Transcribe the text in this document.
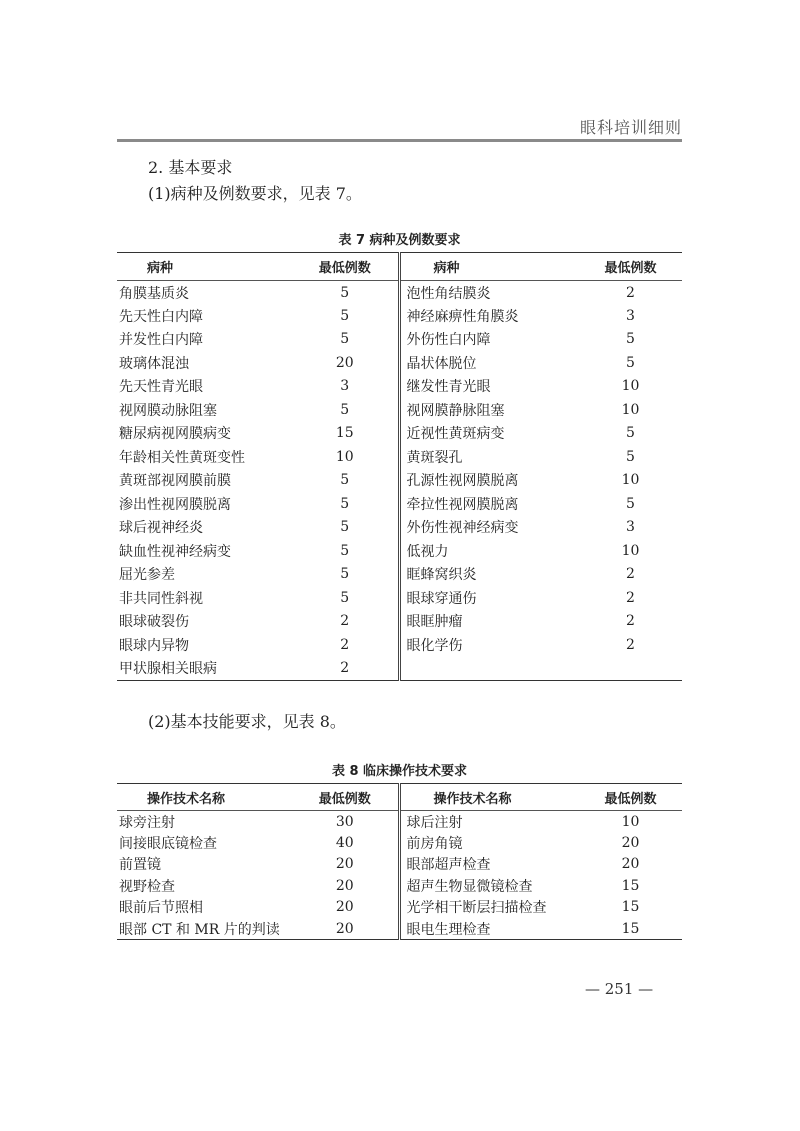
眼科培训细则
2. 基本要求
(1)病种及例数要求，见表 7。
表 7 病种及例数要求
病种	最低例数	病种	最低例数
角膜基质炎	5	泡性角结膜炎	2
先天性白内障	5	神经麻痹性角膜炎	3
并发性白内障	5	外伤性白内障	5
玻璃体混浊	20	晶状体脱位	5
先天性青光眼	3	继发性青光眼	10
视网膜动脉阻塞	5	视网膜静脉阻塞	10
糖尿病视网膜病变	15	近视性黄斑病变	5
年龄相关性黄斑变性	10	黄斑裂孔	5
黄斑部视网膜前膜	5	孔源性视网膜脱离	10
渗出性视网膜脱离	5	牵拉性视网膜脱离	5
球后视神经炎	5	外伤性视神经病变	3
缺血性视神经病变	5	低视力	10
屈光参差	5	眶蜂窝织炎	2
非共同性斜视	5	眼球穿通伤	2
眼球破裂伤	2	眼眶肿瘤	2
眼球内异物	2	眼化学伤	2
甲状腺相关眼病	2		
(2)基本技能要求，见表 8。
表 8 临床操作技术要求
操作技术名称	最低例数	操作技术名称	最低例数
球旁注射	30	球后注射	10
间接眼底镜检查	40	前房角镜	20
前置镜	20	眼部超声检查	20
视野检查	20	超声生物显微镜检查	15
眼前后节照相	20	光学相干断层扫描检查	15
眼部 CT 和 MR 片的判读	20	眼电生理检查	15
— 251 —
